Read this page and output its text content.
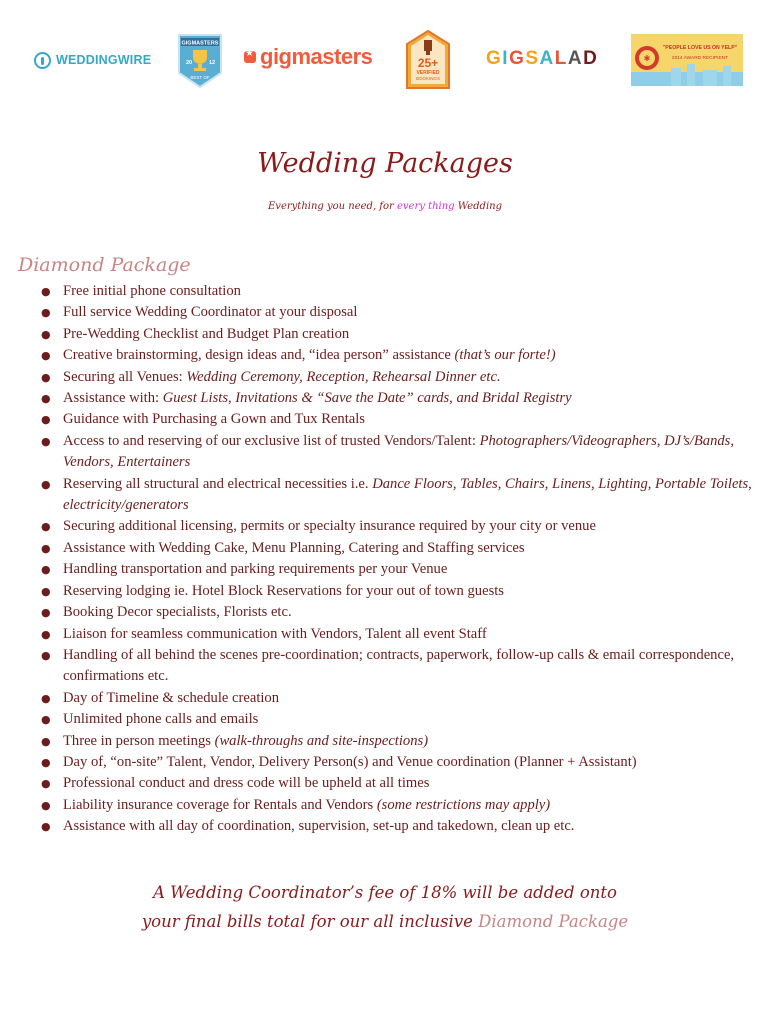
WEDDINGWIRE
GIGMASTERS
20	12
BEST OF
★
gigmasters	25+
VERIFIED
BOOKINGS
GIGSALAD	✱
"PEOPLE LOVE US ON YELP"
2014 AWARD RECIPIENT
Wedding Packages

Everything you need, for every thing Wedding

Diamond Package
● Free initial phone consultation
● Full service Wedding Coordinator at your disposal
● Pre-Wedding Checklist and Budget Plan creation
● Creative brainstorming, design ideas and, “idea person” assistance (that’s our forte!)
● Securing all Venues: Wedding Ceremony, Reception, Rehearsal Dinner etc.
● Assistance with: Guest Lists, Invitations & “Save the Date” cards, and Bridal Registry
● Guidance with Purchasing a Gown and Tux Rentals
● Access to and reserving of our exclusive list of trusted Vendors/Talent: Photographers/Videographers, DJ’s/Bands, Vendors, Entertainers
● Reserving all structural and electrical necessities i.e. Dance Floors, Tables, Chairs, Linens, Lighting, Portable Toilets, electricity/generators
● Securing additional licensing, permits or specialty insurance required by your city or venue
● Assistance with Wedding Cake, Menu Planning, Catering and Staffing services
● Handling transportation and parking requirements per your Venue
● Reserving lodging ie. Hotel Block Reservations for your out of town guests
● Booking Decor specialists, Florists etc.
● Liaison for seamless communication with Vendors, Talent all event Staff
● Handling of all behind the scenes pre-coordination; contracts, paperwork, follow-up calls & email correspondence, confirmations etc.
● Day of Timeline & schedule creation
● Unlimited phone calls and emails
● Three in person meetings (walk-throughs and site-inspections)
● Day of, “on-site” Talent, Vendor, Delivery Person(s) and Venue coordination (Planner + Assistant)
● Professional conduct and dress code will be upheld at all times
● Liability insurance coverage for Rentals and Vendors (some restrictions may apply)
● Assistance with all day of coordination, supervision, set-up and takedown, clean up etc.
A Wedding Coordinator’s fee of 18% will be added onto
your final bills total for our all inclusive Diamond Package
